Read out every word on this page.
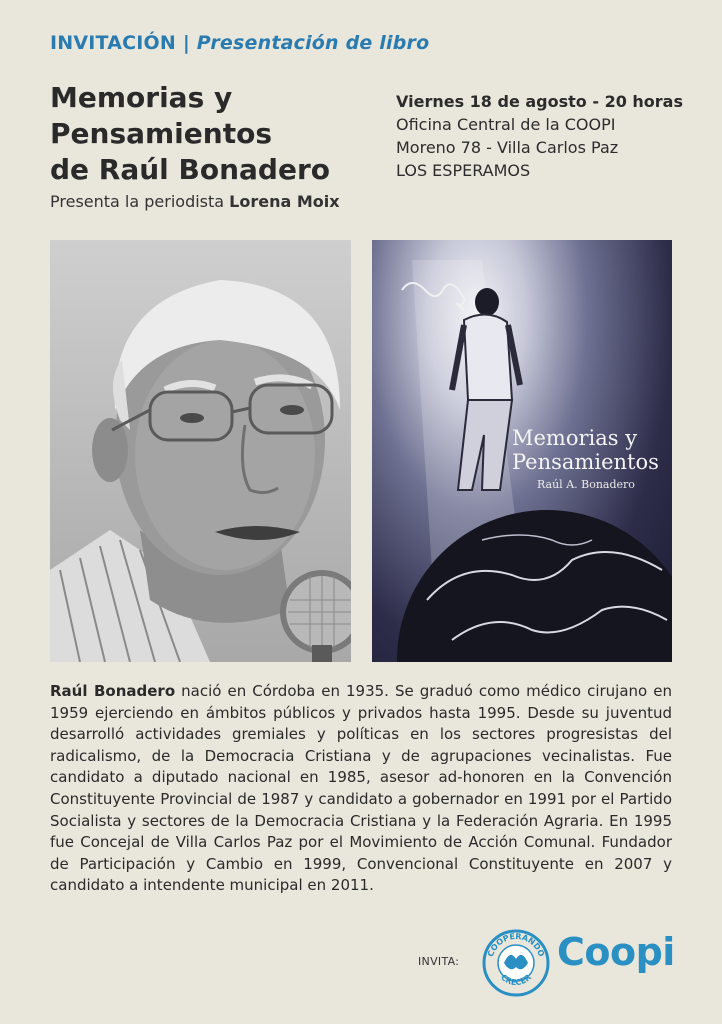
INVITACIÓN | Presentación de libro
Memorias y
Pensamientos
de Raúl Bonadero
Presenta la periodista Lorena Moix
Viernes 18 de agosto - 20 horas
Oficina Central de la COOPI
Moreno 78 - Villa Carlos Paz
LOS ESPERAMOS
Memorias y
Pensamientos
Raúl A. Bonadero
Raúl Bonadero nació en Córdoba en 1935. Se graduó como médico cirujano en 1959 ejerciendo en ámbitos públicos y privados hasta 1995. Desde su juventud desarrolló actividades gremiales y políticas en los sectores progresistas del radicalismo, de la Democracia Cristiana y de agrupaciones vecinalistas. Fue candidato a diputado nacional en 1985, asesor ad-honoren en la Convención Constituyente Provincial de 1987 y candidato a gobernador en 1991 por el Partido Socialista y sectores de la Democracia Cristiana y la Federación Agraria. En 1995 fue Concejal de Villa Carlos Paz por el Movimiento de Acción Comunal. Fundador de Participación y Cambio en 1999, Convencional Constituyente en 2007 y candidato a intendente municipal en 2011.
INVITA:
COOPERANDO
CRECER
Coopi
